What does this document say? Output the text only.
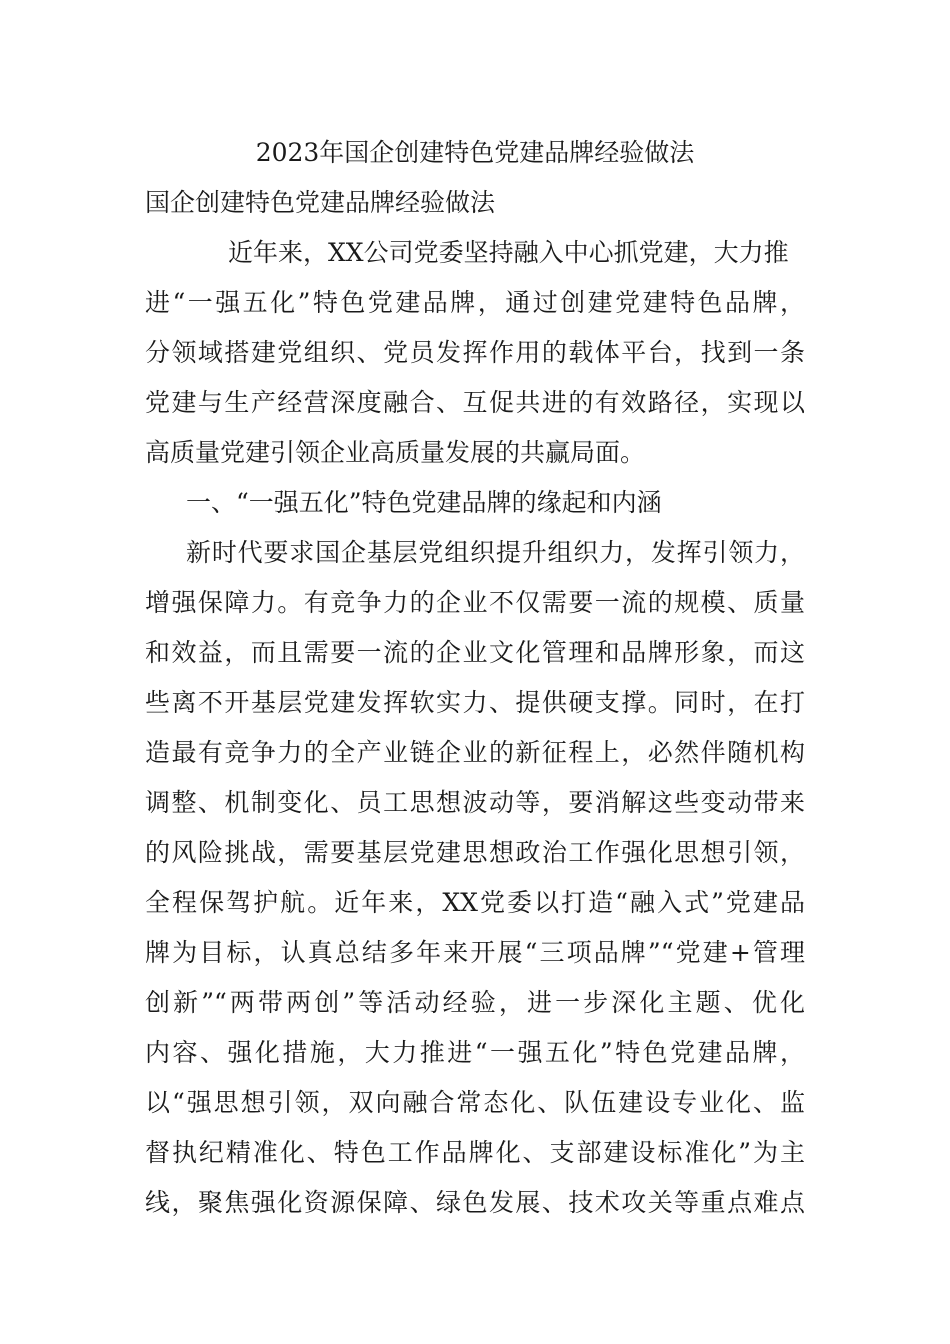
2023年国企创建特色党建品牌经验做法
国企创建特色党建品牌经验做法

近年来，XX公司党委坚持融入中心抓党建，大力推

进“一强五化”特色党建品牌，通过创建党建特色品牌，

分领域搭建党组织、党员发挥作用的载体平台，找到一条

党建与生产经营深度融合、互促共进的有效路径，实现以

高质量党建引领企业高质量发展的共赢局面。

一、“一强五化”特色党建品牌的缘起和内涵

新时代要求国企基层党组织提升组织力，发挥引领力，

增强保障力。有竞争力的企业不仅需要一流的规模、质量

和效益，而且需要一流的企业文化管理和品牌形象，而这

些离不开基层党建发挥软实力、提供硬支撑。同时，在打

造最有竞争力的全产业链企业的新征程上，必然伴随机构

调整、机制变化、员工思想波动等，要消解这些变动带来

的风险挑战，需要基层党建思想政治工作强化思想引领，

全程保驾护航。近年来，XX党委以打造“融入式”党建品

牌为目标，认真总结多年来开展“三项品牌”“党建+管理

创新”“两带两创”等活动经验，进一步深化主题、优化

内容、强化措施，大力推进“一强五化”特色党建品牌，

以“强思想引领，双向融合常态化、队伍建设专业化、监

督执纪精准化、特色工作品牌化、支部建设标准化”为主

线，聚焦强化资源保障、绿色发展、技术攻关等重点难点
